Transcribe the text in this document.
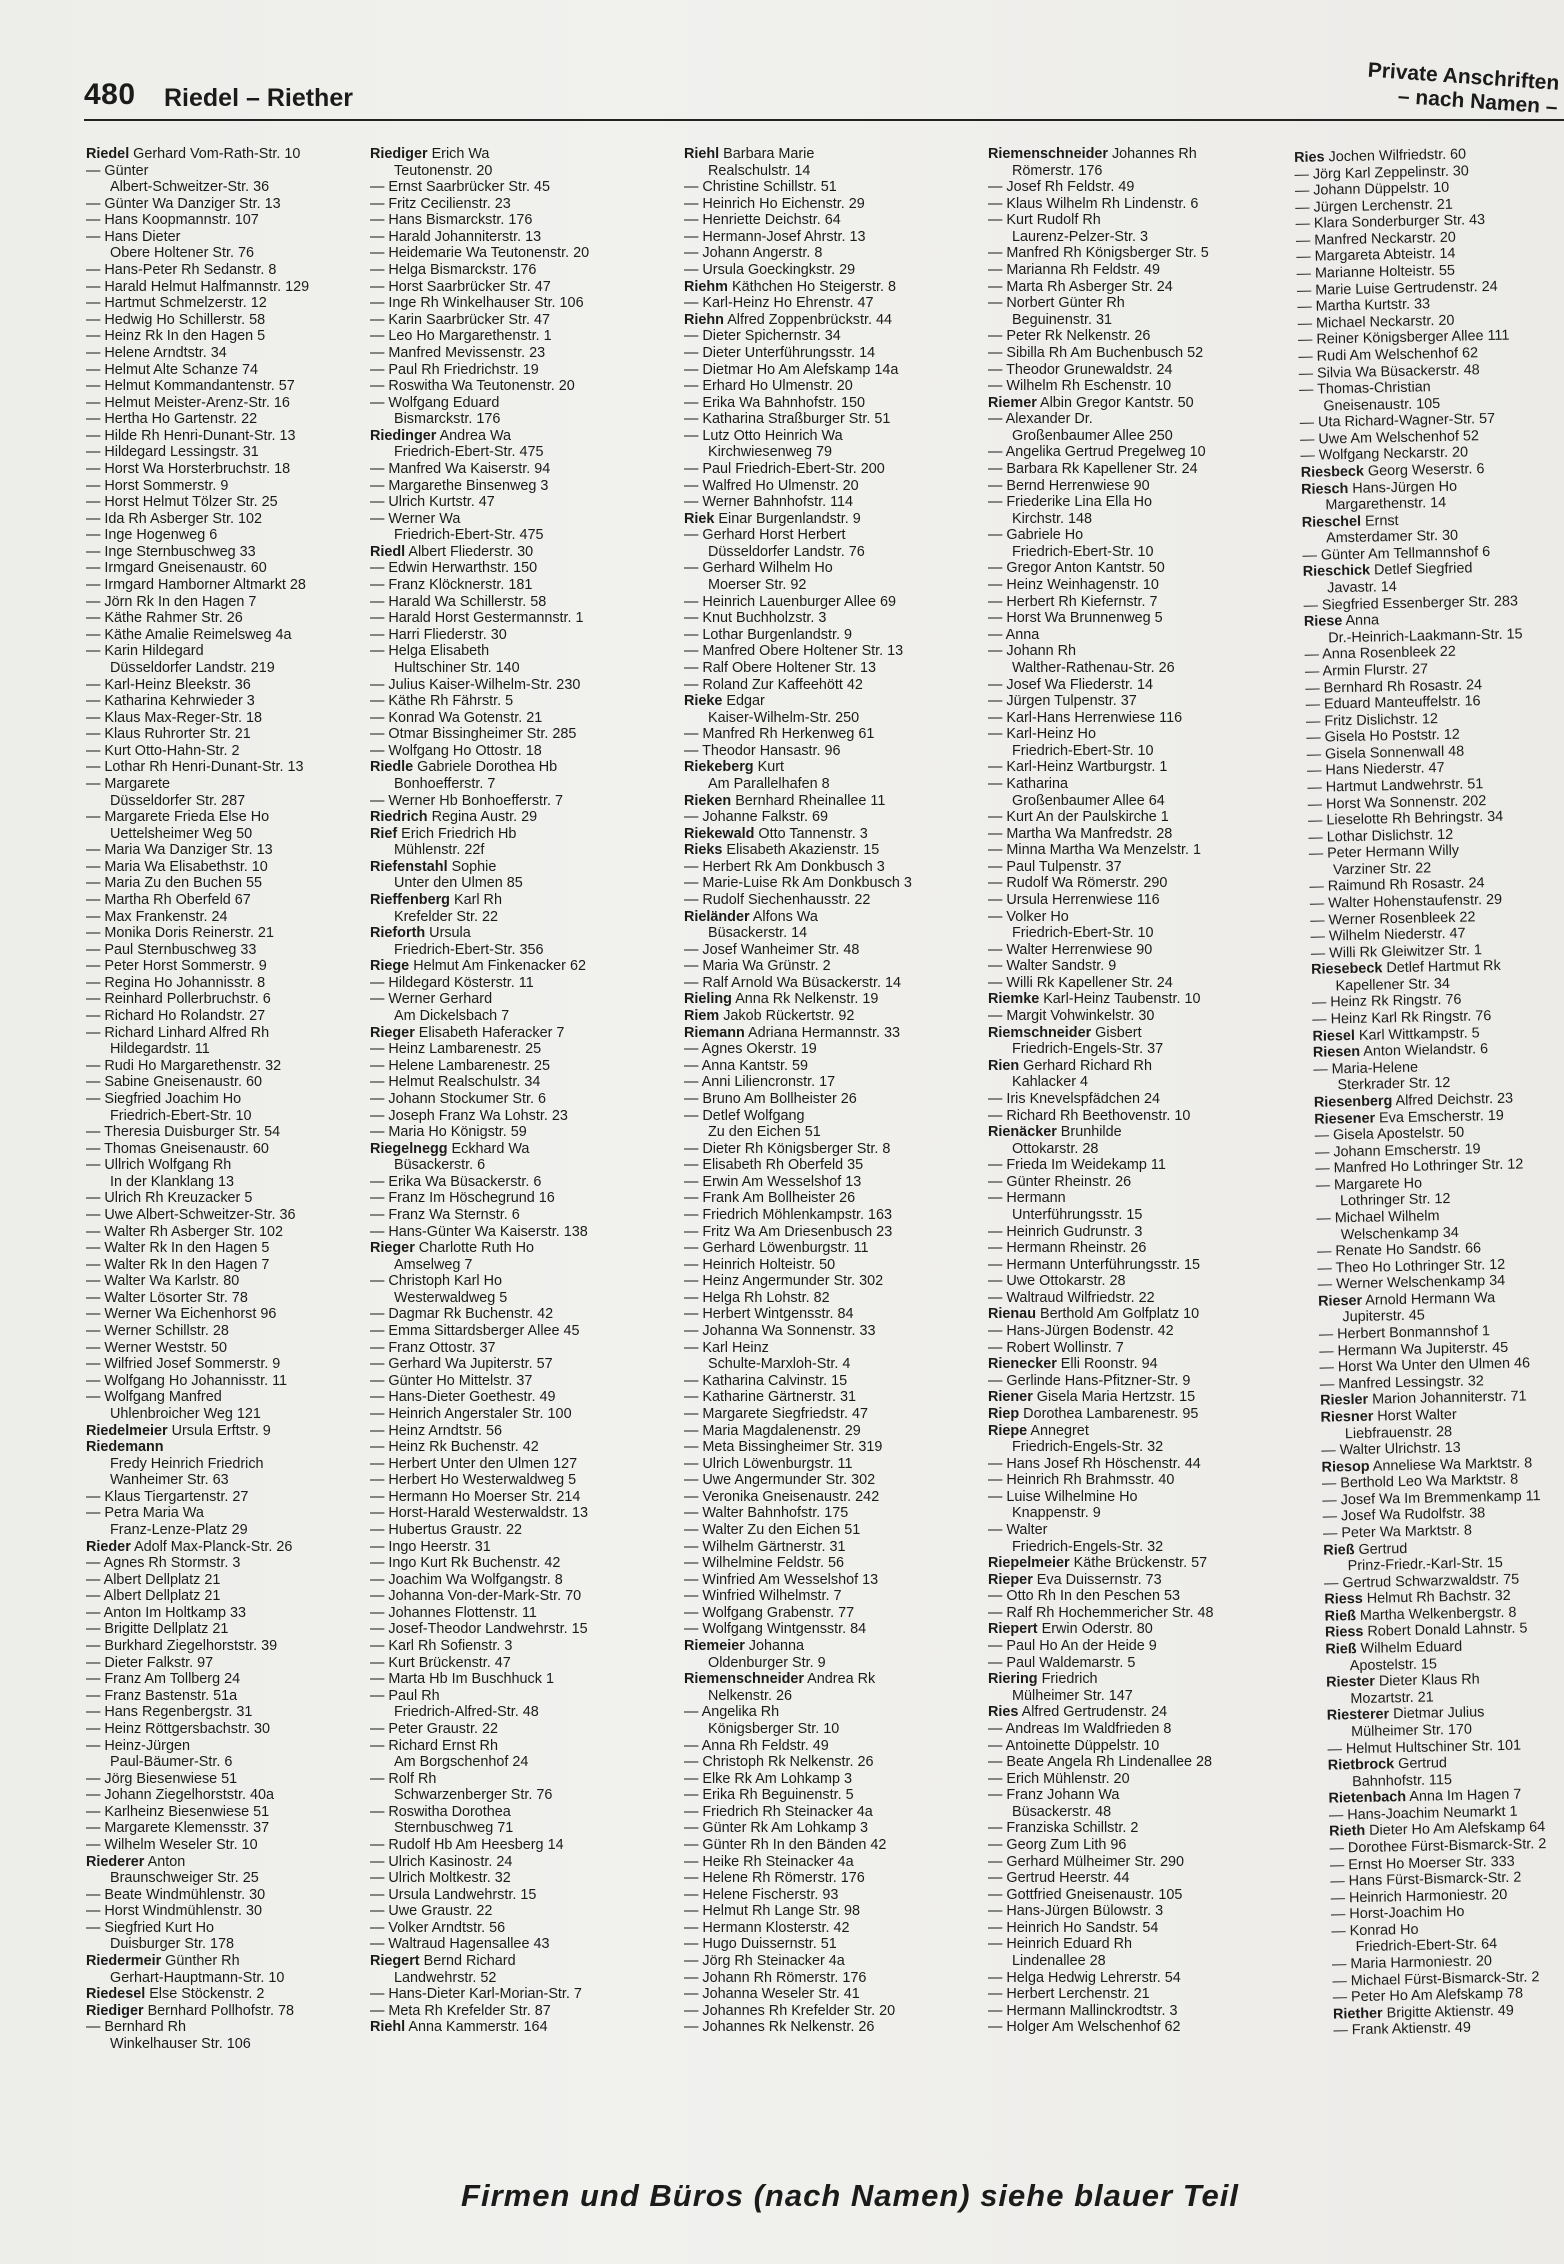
480 Riedel – Riether
Private Anschriften
– nach Namen –
Riedel Gerhard Vom-Rath-Str. 10
— Günter
Albert-Schweitzer-Str. 36
— Günter Wa Danziger Str. 13
— Hans Koopmannstr. 107
— Hans Dieter
Obere Holtener Str. 76
— Hans-Peter Rh Sedanstr. 8
— Harald Helmut Halfmannstr. 129
— Hartmut Schmelzerstr. 12
— Hedwig Ho Schillerstr. 58
— Heinz Rk In den Hagen 5
— Helene Arndtstr. 34
— Helmut Alte Schanze 74
— Helmut Kommandantenstr. 57
— Helmut Meister-Arenz-Str. 16
— Hertha Ho Gartenstr. 22
— Hilde Rh Henri-Dunant-Str. 13
— Hildegard Lessingstr. 31
— Horst Wa Horsterbruchstr. 18
— Horst Sommerstr. 9
— Horst Helmut Tölzer Str. 25
— Ida Rh Asberger Str. 102
— Inge Hogenweg 6
— Inge Sternbuschweg 33
— Irmgard Gneisenaustr. 60
— Irmgard Hamborner Altmarkt 28
— Jörn Rk In den Hagen 7
— Käthe Rahmer Str. 26
— Käthe Amalie Reimelsweg 4a
— Karin Hildegard
Düsseldorfer Landstr. 219
— Karl-Heinz Bleekstr. 36
— Katharina Kehrwieder 3
— Klaus Max-Reger-Str. 18
— Klaus Ruhrorter Str. 21
— Kurt Otto-Hahn-Str. 2
— Lothar Rh Henri-Dunant-Str. 13
— Margarete
Düsseldorfer Str. 287
— Margarete Frieda Else Ho
Uettelsheimer Weg 50
— Maria Wa Danziger Str. 13
— Maria Wa Elisabethstr. 10
— Maria Zu den Buchen 55
— Martha Rh Oberfeld 67
— Max Frankenstr. 24
— Monika Doris Reinerstr. 21
— Paul Sternbuschweg 33
— Peter Horst Sommerstr. 9
— Regina Ho Johannisstr. 8
— Reinhard Pollerbruchstr. 6
— Richard Ho Rolandstr. 27
— Richard Linhard Alfred Rh
Hildegardstr. 11
— Rudi Ho Margarethenstr. 32
— Sabine Gneisenaustr. 60
— Siegfried Joachim Ho
Friedrich-Ebert-Str. 10
— Theresia Duisburger Str. 54
— Thomas Gneisenaustr. 60
— Ullrich Wolfgang Rh
In der Klanklang 13
— Ulrich Rh Kreuzacker 5
— Uwe Albert-Schweitzer-Str. 36
— Walter Rh Asberger Str. 102
— Walter Rk In den Hagen 5
— Walter Rk In den Hagen 7
— Walter Wa Karlstr. 80
— Walter Lösorter Str. 78
— Werner Wa Eichenhorst 96
— Werner Schillstr. 28
— Werner Weststr. 50
— Wilfried Josef Sommerstr. 9
— Wolfgang Ho Johannisstr. 11
— Wolfgang Manfred
Uhlenbroicher Weg 121
Riedelmeier Ursula Erftstr. 9
Riedemann
Fredy Heinrich Friedrich
Wanheimer Str. 63
— Klaus Tiergartenstr. 27
— Petra Maria Wa
Franz-Lenze-Platz 29
Rieder Adolf Max-Planck-Str. 26
— Agnes Rh Stormstr. 3
— Albert Dellplatz 21
— Albert Dellplatz 21
— Anton Im Holtkamp 33
— Brigitte Dellplatz 21
— Burkhard Ziegelhorststr. 39
— Dieter Falkstr. 97
— Franz Am Tollberg 24
— Franz Bastenstr. 51a
— Hans Regenbergstr. 31
— Heinz Röttgersbachstr. 30
— Heinz-Jürgen
Paul-Bäumer-Str. 6
— Jörg Biesenwiese 51
— Johann Ziegelhorststr. 40a
— Karlheinz Biesenwiese 51
— Margarete Klemensstr. 37
— Wilhelm Weseler Str. 10
Riederer Anton
Braunschweiger Str. 25
— Beate Windmühlenstr. 30
— Horst Windmühlenstr. 30
— Siegfried Kurt Ho
Duisburger Str. 178
Riedermeir Günther Rh
Gerhart-Hauptmann-Str. 10
Riedesel Else Stöckenstr. 2
Riediger Bernhard Pollhofstr. 78
— Bernhard Rh
Winkelhauser Str. 106
Riediger Erich Wa
Teutonenstr. 20
— Ernst Saarbrücker Str. 45
— Fritz Cecilienstr. 23
— Hans Bismarckstr. 176
— Harald Johanniterstr. 13
— Heidemarie Wa Teutonenstr. 20
— Helga Bismarckstr. 176
— Horst Saarbrücker Str. 47
— Inge Rh Winkelhauser Str. 106
— Karin Saarbrücker Str. 47
— Leo Ho Margarethenstr. 1
— Manfred Mevissenstr. 23
— Paul Rh Friedrichstr. 19
— Roswitha Wa Teutonenstr. 20
— Wolfgang Eduard
Bismarckstr. 176
Riedinger Andrea Wa
Friedrich-Ebert-Str. 475
— Manfred Wa Kaiserstr. 94
— Margarethe Binsenweg 3
— Ulrich Kurtstr. 47
— Werner Wa
Friedrich-Ebert-Str. 475
Riedl Albert Fliederstr. 30
— Edwin Herwarthstr. 150
— Franz Klöcknerstr. 181
— Harald Wa Schillerstr. 58
— Harald Horst Gestermannstr. 1
— Harri Fliederstr. 30
— Helga Elisabeth
Hultschiner Str. 140
— Julius Kaiser-Wilhelm-Str. 230
— Käthe Rh Fährstr. 5
— Konrad Wa Gotenstr. 21
— Otmar Bissingheimer Str. 285
— Wolfgang Ho Ottostr. 18
Riedle Gabriele Dorothea Hb
Bonhoefferstr. 7
— Werner Hb Bonhoefferstr. 7
Riedrich Regina Austr. 29
Rief Erich Friedrich Hb
Mühlenstr. 22f
Riefenstahl Sophie
Unter den Ulmen 85
Rieffenberg Karl Rh
Krefelder Str. 22
Rieforth Ursula
Friedrich-Ebert-Str. 356
Riege Helmut Am Finkenacker 62
— Hildegard Kösterstr. 11
— Werner Gerhard
Am Dickelsbach 7
Rieger Elisabeth Haferacker 7
— Heinz Lambarenestr. 25
— Helene Lambarenestr. 25
— Helmut Realschulstr. 34
— Johann Stockumer Str. 6
— Joseph Franz Wa Lohstr. 23
— Maria Ho Königstr. 59
Riegelnegg Eckhard Wa
Büsackerstr. 6
— Erika Wa Büsackerstr. 6
— Franz Im Höschegrund 16
— Franz Wa Sternstr. 6
— Hans-Günter Wa Kaiserstr. 138
Rieger Charlotte Ruth Ho
Amselweg 7
— Christoph Karl Ho
Westerwaldweg 5
— Dagmar Rk Buchenstr. 42
— Emma Sittardsberger Allee 45
— Franz Ottostr. 37
— Gerhard Wa Jupiterstr. 57
— Günter Ho Mittelstr. 37
— Hans-Dieter Goethestr. 49
— Heinrich Angerstaler Str. 100
— Heinz Arndtstr. 56
— Heinz Rk Buchenstr. 42
— Herbert Unter den Ulmen 127
— Herbert Ho Westerwaldweg 5
— Hermann Ho Moerser Str. 214
— Horst-Harald Westerwaldstr. 13
— Hubertus Graustr. 22
— Ingo Heerstr. 31
— Ingo Kurt Rk Buchenstr. 42
— Joachim Wa Wolfgangstr. 8
— Johanna Von-der-Mark-Str. 70
— Johannes Flottenstr. 11
— Josef-Theodor Landwehrstr. 15
— Karl Rh Sofienstr. 3
— Kurt Brückenstr. 47
— Marta Hb Im Buschhuck 1
— Paul Rh
Friedrich-Alfred-Str. 48
— Peter Graustr. 22
— Richard Ernst Rh
Am Borgschenhof 24
— Rolf Rh
Schwarzenberger Str. 76
— Roswitha Dorothea
Sternbuschweg 71
— Rudolf Hb Am Heesberg 14
— Ulrich Kasinostr. 24
— Ulrich Moltkestr. 32
— Ursula Landwehrstr. 15
— Uwe Graustr. 22
— Volker Arndtstr. 56
— Waltraud Hagensallee 43
Riegert Bernd Richard
Landwehrstr. 52
— Hans-Dieter Karl-Morian-Str. 7
— Meta Rh Krefelder Str. 87
Riehl Anna Kammerstr. 164
Riehl Barbara Marie
Realschulstr. 14
— Christine Schillstr. 51
— Heinrich Ho Eichenstr. 29
— Henriette Deichstr. 64
— Hermann-Josef Ahrstr. 13
— Johann Angerstr. 8
— Ursula Goeckingkstr. 29
Riehm Käthchen Ho Steigerstr. 8
— Karl-Heinz Ho Ehrenstr. 47
Riehn Alfred Zoppenbrückstr. 44
— Dieter Spichernstr. 34
— Dieter Unterführungsstr. 14
— Dietmar Ho Am Alefskamp 14a
— Erhard Ho Ulmenstr. 20
— Erika Wa Bahnhofstr. 150
— Katharina Straßburger Str. 51
— Lutz Otto Heinrich Wa
Kirchwiesenweg 79
— Paul Friedrich-Ebert-Str. 200
— Walfred Ho Ulmenstr. 20
— Werner Bahnhofstr. 114
Riek Einar Burgenlandstr. 9
— Gerhard Horst Herbert
Düsseldorfer Landstr. 76
— Gerhard Wilhelm Ho
Moerser Str. 92
— Heinrich Lauenburger Allee 69
— Knut Buchholzstr. 3
— Lothar Burgenlandstr. 9
— Manfred Obere Holtener Str. 13
— Ralf Obere Holtener Str. 13
— Roland Zur Kaffeehött 42
Rieke Edgar
Kaiser-Wilhelm-Str. 250
— Manfred Rh Herkenweg 61
— Theodor Hansastr. 96
Riekeberg Kurt
Am Parallelhafen 8
Rieken Bernhard Rheinallee 11
— Johanne Falkstr. 69
Riekewald Otto Tannenstr. 3
Rieks Elisabeth Akazienstr. 15
— Herbert Rk Am Donkbusch 3
— Marie-Luise Rk Am Donkbusch 3
— Rudolf Siechenhausstr. 22
Rieländer Alfons Wa
Büsackerstr. 14
— Josef Wanheimer Str. 48
— Maria Wa Grünstr. 2
— Ralf Arnold Wa Büsackerstr. 14
Rieling Anna Rk Nelkenstr. 19
Riem Jakob Rückertstr. 92
Riemann Adriana Hermannstr. 33
— Agnes Okerstr. 19
— Anna Kantstr. 59
— Anni Liliencronstr. 17
— Bruno Am Bollheister 26
— Detlef Wolfgang
Zu den Eichen 51
— Dieter Rh Königsberger Str. 8
— Elisabeth Rh Oberfeld 35
— Erwin Am Wesselshof 13
— Frank Am Bollheister 26
— Friedrich Möhlenkampstr. 163
— Fritz Wa Am Driesenbusch 23
— Gerhard Löwenburgstr. 11
— Heinrich Holteistr. 50
— Heinz Angermunder Str. 302
— Helga Rh Lohstr. 82
— Herbert Wintgensstr. 84
— Johanna Wa Sonnenstr. 33
— Karl Heinz
Schulte-Marxloh-Str. 4
— Katharina Calvinstr. 15
— Katharine Gärtnerstr. 31
— Margarete Siegfriedstr. 47
— Maria Magdalenenstr. 29
— Meta Bissingheimer Str. 319
— Ulrich Löwenburgstr. 11
— Uwe Angermunder Str. 302
— Veronika Gneisenaustr. 242
— Walter Bahnhofstr. 175
— Walter Zu den Eichen 51
— Wilhelm Gärtnerstr. 31
— Wilhelmine Feldstr. 56
— Winfried Am Wesselshof 13
— Winfried Wilhelmstr. 7
— Wolfgang Grabenstr. 77
— Wolfgang Wintgensstr. 84
Riemeier Johanna
Oldenburger Str. 9
Riemenschneider Andrea Rk
Nelkenstr. 26
— Angelika Rh
Königsberger Str. 10
— Anna Rh Feldstr. 49
— Christoph Rk Nelkenstr. 26
— Elke Rk Am Lohkamp 3
— Erika Rh Beguinenstr. 5
— Friedrich Rh Steinacker 4a
— Günter Rk Am Lohkamp 3
— Günter Rh In den Bänden 42
— Heike Rh Steinacker 4a
— Helene Rh Römerstr. 176
— Helene Fischerstr. 93
— Helmut Rh Lange Str. 98
— Hermann Klosterstr. 42
— Hugo Duissernstr. 51
— Jörg Rh Steinacker 4a
— Johann Rh Römerstr. 176
— Johanna Weseler Str. 41
— Johannes Rh Krefelder Str. 20
— Johannes Rk Nelkenstr. 26
Riemenschneider Johannes Rh
Römerstr. 176
— Josef Rh Feldstr. 49
— Klaus Wilhelm Rh Lindenstr. 6
— Kurt Rudolf Rh
Laurenz-Pelzer-Str. 3
— Manfred Rh Königsberger Str. 5
— Marianna Rh Feldstr. 49
— Marta Rh Asberger Str. 24
— Norbert Günter Rh
Beguinenstr. 31
— Peter Rk Nelkenstr. 26
— Sibilla Rh Am Buchenbusch 52
— Theodor Grunewaldstr. 24
— Wilhelm Rh Eschenstr. 10
Riemer Albin Gregor Kantstr. 50
— Alexander Dr.
Großenbaumer Allee 250
— Angelika Gertrud Pregelweg 10
— Barbara Rk Kapellener Str. 24
— Bernd Herrenwiese 90
— Friederike Lina Ella Ho
Kirchstr. 148
— Gabriele Ho
Friedrich-Ebert-Str. 10
— Gregor Anton Kantstr. 50
— Heinz Weinhagenstr. 10
— Herbert Rh Kiefernstr. 7
— Horst Wa Brunnenweg 5
— Anna
— Johann Rh
Walther-Rathenau-Str. 26
— Josef Wa Fliederstr. 14
— Jürgen Tulpenstr. 37
— Karl-Hans Herrenwiese 116
— Karl-Heinz Ho
Friedrich-Ebert-Str. 10
— Karl-Heinz Wartburgstr. 1
— Katharina
Großenbaumer Allee 64
— Kurt An der Paulskirche 1
— Martha Wa Manfredstr. 28
— Minna Martha Wa Menzelstr. 1
— Paul Tulpenstr. 37
— Rudolf Wa Römerstr. 290
— Ursula Herrenwiese 116
— Volker Ho
Friedrich-Ebert-Str. 10
— Walter Herrenwiese 90
— Walter Sandstr. 9
— Willi Rk Kapellener Str. 24
Riemke Karl-Heinz Taubenstr. 10
— Margit Vohwinkelstr. 30
Riemschneider Gisbert
Friedrich-Engels-Str. 37
Rien Gerhard Richard Rh
Kahlacker 4
— Iris Knevelspfädchen 24
— Richard Rh Beethovenstr. 10
Rienäcker Brunhilde
Ottokarstr. 28
— Frieda Im Weidekamp 11
— Günter Rheinstr. 26
— Hermann
Unterführungsstr. 15
— Heinrich Gudrunstr. 3
— Hermann Rheinstr. 26
— Hermann Unterführungsstr. 15
— Uwe Ottokarstr. 28
— Waltraud Wilfriedstr. 22
Rienau Berthold Am Golfplatz 10
— Hans-Jürgen Bodenstr. 42
— Robert Wollinstr. 7
Rienecker Elli Roonstr. 94
— Gerlinde Hans-Pfitzner-Str. 9
Riener Gisela Maria Hertzstr. 15
Riep Dorothea Lambarenestr. 95
Riepe Annegret
Friedrich-Engels-Str. 32
— Hans Josef Rh Höschenstr. 44
— Heinrich Rh Brahmsstr. 40
— Luise Wilhelmine Ho
Knappenstr. 9
— Walter
Friedrich-Engels-Str. 32
Riepelmeier Käthe Brückenstr. 57
Rieper Eva Duissernstr. 73
— Otto Rh In den Peschen 53
— Ralf Rh Hochemmericher Str. 48
Riepert Erwin Oderstr. 80
— Paul Ho An der Heide 9
— Paul Waldemarstr. 5
Riering Friedrich
Mülheimer Str. 147
Ries Alfred Gertrudenstr. 24
— Andreas Im Waldfrieden 8
— Antoinette Düppelstr. 10
— Beate Angela Rh Lindenallee 28
— Erich Mühlenstr. 20
— Franz Johann Wa
Büsackerstr. 48
— Franziska Schillstr. 2
— Georg Zum Lith 96
— Gerhard Mülheimer Str. 290
— Gertrud Heerstr. 44
— Gottfried Gneisenaustr. 105
— Hans-Jürgen Bülowstr. 3
— Heinrich Ho Sandstr. 54
— Heinrich Eduard Rh
Lindenallee 28
— Helga Hedwig Lehrerstr. 54
— Herbert Lerchenstr. 21
— Hermann Mallinckrodtstr. 3
— Holger Am Welschenhof 62
Ries Jochen Wilfriedstr. 60
— Jörg Karl Zeppelinstr. 30
— Johann Düppelstr. 10
— Jürgen Lerchenstr. 21
— Klara Sonderburger Str. 43
— Manfred Neckarstr. 20
— Margareta Abteistr. 14
— Marianne Holteistr. 55
— Marie Luise Gertrudenstr. 24
— Martha Kurtstr. 33
— Michael Neckarstr. 20
— Reiner Königsberger Allee 111
— Rudi Am Welschenhof 62
— Silvia Wa Büsackerstr. 48
— Thomas-Christian
Gneisenaustr. 105
— Uta Richard-Wagner-Str. 57
— Uwe Am Welschenhof 52
— Wolfgang Neckarstr. 20
Riesbeck Georg Weserstr. 6
Riesch Hans-Jürgen Ho
Margarethenstr. 14
Rieschel Ernst
Amsterdamer Str. 30
— Günter Am Tellmannshof 6
Rieschick Detlef Siegfried
Javastr. 14
— Siegfried Essenberger Str. 283
Riese Anna
Dr.-Heinrich-Laakmann-Str. 15
— Anna Rosenbleek 22
— Armin Flurstr. 27
— Bernhard Rh Rosastr. 24
— Eduard Manteuffelstr. 16
— Fritz Dislichstr. 12
— Gisela Ho Poststr. 12
— Gisela Sonnenwall 48
— Hans Niederstr. 47
— Hartmut Landwehrstr. 51
— Horst Wa Sonnenstr. 202
— Lieselotte Rh Behringstr. 34
— Lothar Dislichstr. 12
— Peter Hermann Willy
Varziner Str. 22
— Raimund Rh Rosastr. 24
— Walter Hohenstaufenstr. 29
— Werner Rosenbleek 22
— Wilhelm Niederstr. 47
— Willi Rk Gleiwitzer Str. 1
Riesebeck Detlef Hartmut Rk
Kapellener Str. 34
— Heinz Rk Ringstr. 76
— Heinz Karl Rk Ringstr. 76
Riesel Karl Wittkampstr. 5
Riesen Anton Wielandstr. 6
— Maria-Helene
Sterkrader Str. 12
Riesenberg Alfred Deichstr. 23
Riesener Eva Emscherstr. 19
— Gisela Apostelstr. 50
— Johann Emscherstr. 19
— Manfred Ho Lothringer Str. 12
— Margarete Ho
Lothringer Str. 12
— Michael Wilhelm
Welschenkamp 34
— Renate Ho Sandstr. 66
— Theo Ho Lothringer Str. 12
— Werner Welschenkamp 34
Rieser Arnold Hermann Wa
Jupiterstr. 45
— Herbert Bonmannshof 1
— Hermann Wa Jupiterstr. 45
— Horst Wa Unter den Ulmen 46
— Manfred Lessingstr. 32
Riesler Marion Johanniterstr. 71
Riesner Horst Walter
Liebfrauenstr. 28
— Walter Ulrichstr. 13
Riesop Anneliese Wa Marktstr. 8
— Berthold Leo Wa Marktstr. 8
— Josef Wa Im Bremmenkamp 11
— Josef Wa Rudolfstr. 38
— Peter Wa Marktstr. 8
Rieß Gertrud
Prinz-Friedr.-Karl-Str. 15
— Gertrud Schwarzwaldstr. 75
Riess Helmut Rh Bachstr. 32
Rieß Martha Welkenbergstr. 8
Riess Robert Donald Lahnstr. 5
Rieß Wilhelm Eduard
Apostelstr. 15
Riester Dieter Klaus Rh
Mozartstr. 21
Riesterer Dietmar Julius
Mülheimer Str. 170
— Helmut Hultschiner Str. 101
Rietbrock Gertrud
Bahnhofstr. 115
Rietenbach Anna Im Hagen 7
— Hans-Joachim Neumarkt 1
Rieth Dieter Ho Am Alefskamp 64
— Dorothee Fürst-Bismarck-Str. 2
— Ernst Ho Moerser Str. 333
— Hans Fürst-Bismarck-Str. 2
— Heinrich Harmoniestr. 20
— Horst-Joachim Ho
— Konrad Ho
Friedrich-Ebert-Str. 64
— Maria Harmoniestr. 20
— Michael Fürst-Bismarck-Str. 2
— Peter Ho Am Alefskamp 78
Riether Brigitte Aktienstr. 49
— Frank Aktienstr. 49
Firmen und Büros (nach Namen) siehe blauer Teil
